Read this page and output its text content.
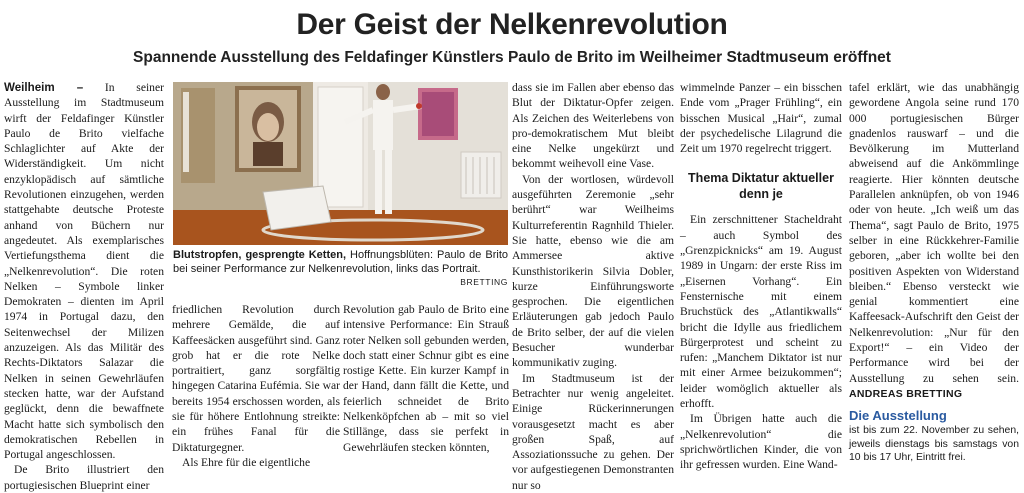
Der Geist der Nelkenrevolution
Spannende Ausstellung des Feldafinger Künstlers Paulo de Brito im Weilheimer Stadtmuseum eröffnet

Weilheim – In seiner Ausstellung im Stadtmuseum wirft der Feldafinger Künstler Paulo de Brito vielfache Schlaglichter auf Akte der Widerständigkeit. Um nicht enzyklopädisch auf sämtliche Revolutionen einzugehen, werden stattgehabte deutsche Proteste anhand von Büchern nur angedeutet. Als exemplarisches Vertiefungsthema dient die „Nelkenrevolution“. Die roten Nelken – Symbole linker Demokraten – dienten im April 1974 in Portugal dazu, den Seitenwechsel der Milizen anzuzeigen. Als das Militär des Rechts-Diktators Salazar die Nelken in seinen Gewehrläufen stecken hatte, war der Aufstand geglückt, denn die bewaffnete Macht hatte sich symbolisch den demokratischen Rebellen in Portugal angeschlossen.

De Brito illustriert den portugiesischen Blueprint einer

Blutstropfen, gesprengte Ketten, Hoffnungsblüten: Paulo de Brito bei seiner Performance zur Nelkenrevolution, links das Portrait.
BRETTING

friedlichen Revolution durch mehrere Gemälde, die auf Kaffeesäcken ausgeführt sind. Ganz grob hat er die rote Nelke portraitiert, ganz sorgfältig hingegen Catarina Eufémia. Sie war bereits 1954 erschossen worden, als sie für höhere Entlohnung streikte: ein frühes Fanal für die Diktaturgegner.

Als Ehre für die eigentliche

Revolution gab Paulo de Brito eine intensive Performance: Ein Strauß roter Nelken soll gebunden werden, doch statt einer Schnur gibt es eine rostige Kette. Ein kurzer Kampf in der Hand, dann fällt die Kette, und feierlich schneidet de Brito Nelkenköpfchen ab – mit so viel Stillänge, dass sie perfekt in Gewehrläufen stecken könnten,

dass sie im Fallen aber ebenso das Blut der Diktatur-Opfer zeigen. Als Zeichen des Weiterlebens von pro-demokratischem Mut bleibt eine Nelke ungekürzt und bekommt weihevoll eine Vase.

Von der wortlosen, würdevoll ausgeführten Zeremonie „sehr berührt“ war Weilheims Kulturreferentin Ragnhild Thieler. Sie hatte, ebenso wie die am Ammersee aktive Kunsthistorikerin Silvia Dobler, kurze Einführungsworte gesprochen. Die eigentlichen Erläuterungen gab jedoch Paulo de Brito selber, der auf die vielen Besucher wunderbar kommunikativ zuging.

Im Stadtmuseum ist der Betrachter nur wenig angeleitet. Einige Rückerinnerungen vorausgesetzt macht es aber großen Spaß, auf Assoziationssuche zu gehen. Der vor aufgestiegenen Demonstranten nur so

wimmelnde Panzer – ein bisschen Ende vom „Prager Frühling“, ein bisschen Musical „Hair“, zumal der psychedelische Lilagrund die Zeit um 1970 regelrecht triggert.

Thema Diktatur aktueller denn je

Ein zerschnittener Stacheldraht – auch Symbol des „Grenzpicknicks“ am 19. August 1989 in Ungarn: der erste Riss im „Eisernen Vorhang“. Ein Fensternische mit einem Bruchstück des „Atlantikwalls“ bricht die Idylle aus friedlichem Bürgerprotest und scheint zu rufen: „Manchem Diktator ist nur mit einer Armee beizukommen“; leider womöglich aktueller als erhofft.

Im Übrigen hatte auch die „Nelkenrevolution“ die sprichwörtlichen Kinder, die von ihr gefressen wurden. Eine Wand-

tafel erklärt, wie das unabhängig gewordene Angola seine rund 170 000 portugiesischen Bürger gnadenlos rauswarf – und die Bevölkerung im Mutterland abweisend auf die Ankömmlinge reagierte. Hier könnten deutsche Parallelen anknüpfen, ob von 1946 oder von heute. „Ich weiß um das Thema“, sagt Paulo de Brito, 1975 selber in eine Rückkehrer-Familie geboren, „aber ich wollte bei den positiven Aspekten von Widerstand bleiben.“ Ebenso versteckt wie genial kommentiert eine Kaffeesack-Aufschrift den Geist der Nelkenrevolution: „Nur für den Export!“ – ein Video der Performance wird bei der Ausstellung zu sehen sein. ANDREAS BRETTING

Die Ausstellung

ist bis zum 22. November zu sehen, jeweils dienstags bis samstags von 10 bis 17 Uhr, Eintritt frei.
